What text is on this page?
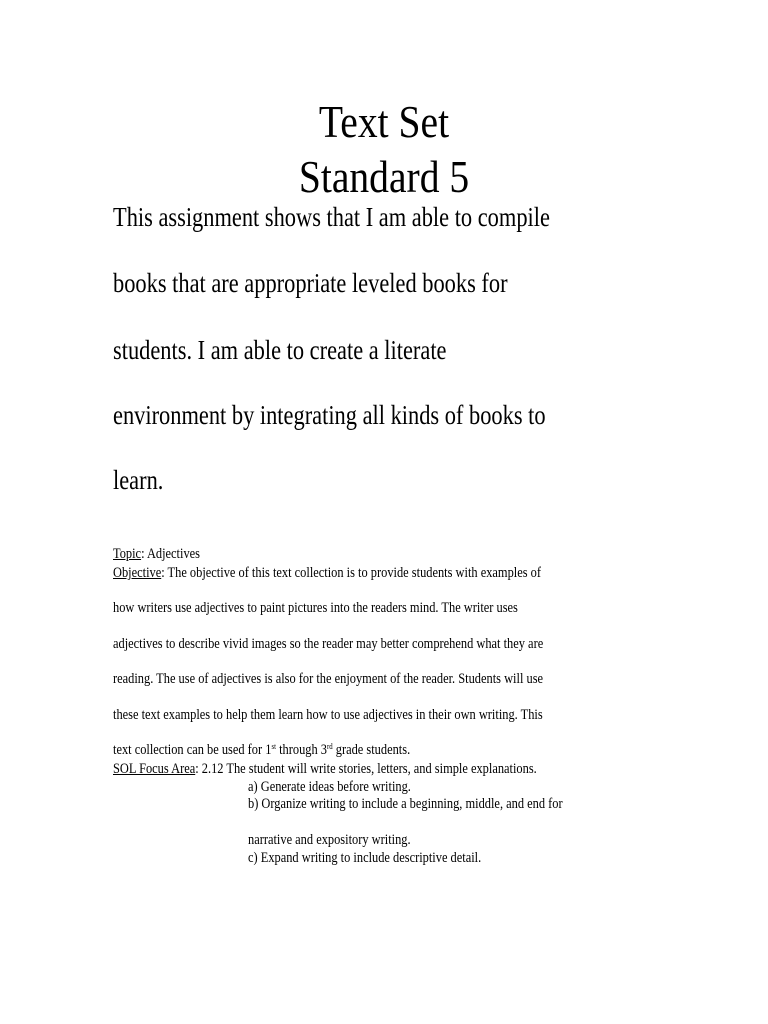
Text Set
Standard 5
This assignment shows that I am able to compile
books that are appropriate leveled books for
students. I am able to create a literate
environment by integrating all kinds of books to
learn.
Topic: Adjectives
Objective: The objective of this text collection is to provide students with examples of
how writers use adjectives to paint pictures into the readers mind. The writer uses
adjectives to describe vivid images so the reader may better comprehend what they are
reading. The use of adjectives is also for the enjoyment of the reader. Students will use
these text examples to help them learn how to use adjectives in their own writing. This
text collection can be used for 1st through 3rd grade students.
SOL Focus Area: 2.12 The student will write stories, letters, and simple explanations.
a) Generate ideas before writing.
b) Organize writing to include a beginning, middle, and end for
narrative and expository writing.
c) Expand writing to include descriptive detail.
